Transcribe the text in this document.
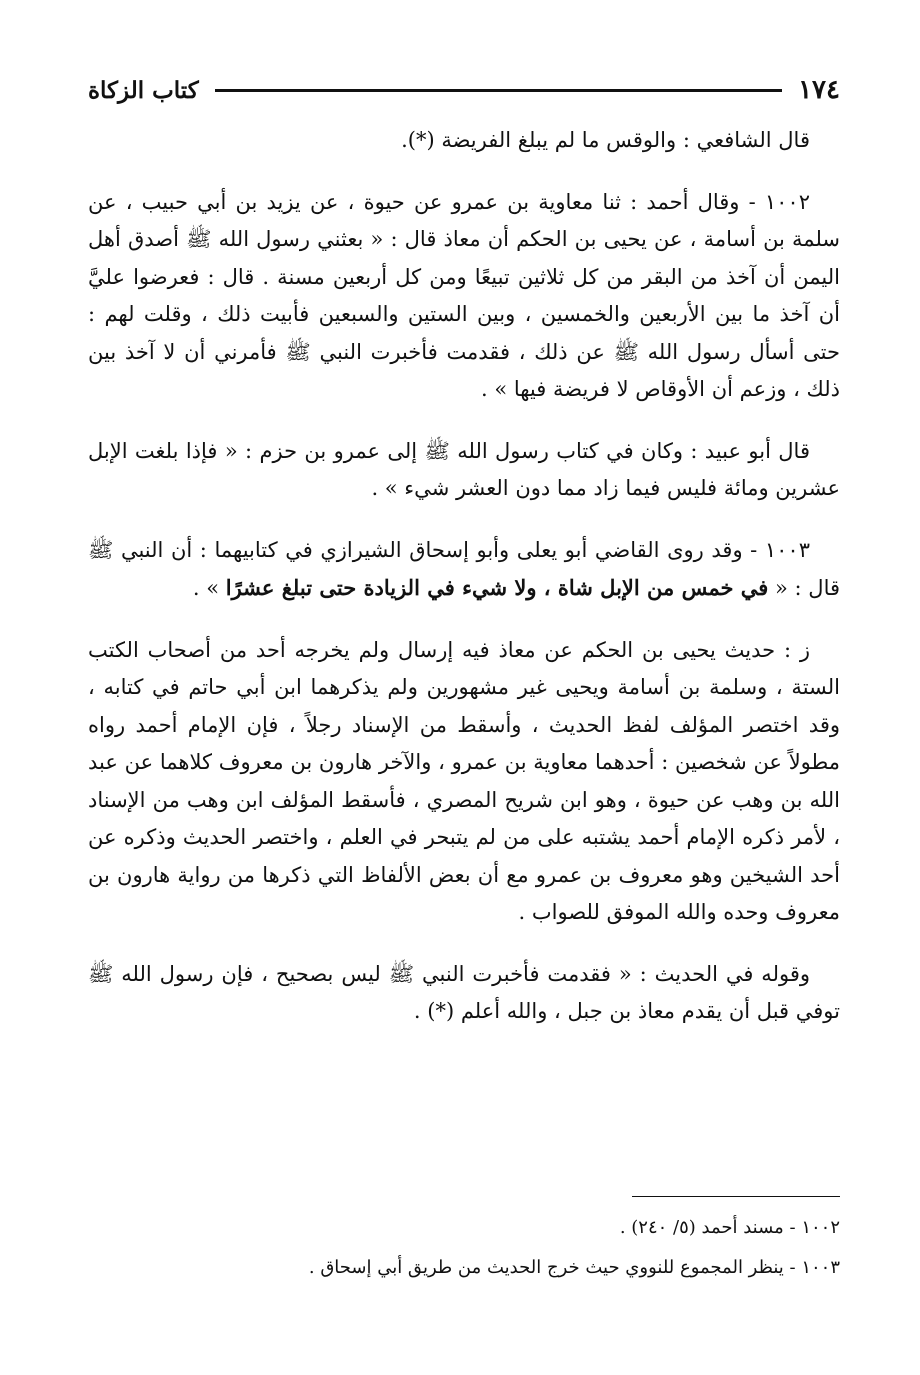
١٧٤
كتاب الزكاة

قال الشافعي : والوقس ما لم يبلغ الفريضة (*).

١٠٠٢ - وقال أحمد : ثنا معاوية بن عمرو عن حيوة ، عن يزيد بن أبي حبيب ، عن سلمة بن أسامة ، عن يحيى بن الحكم أن معاذ قال : « بعثني رسول الله ﷺ أصدق أهل اليمن أن آخذ من البقر من كل ثلاثين تبيعًا ومن كل أربعين مسنة . قال : فعرضوا عليَّ أن آخذ ما بين الأربعين والخمسين ، وبين الستين والسبعين فأبيت ذلك ، وقلت لهم : حتى أسأل رسول الله ﷺ عن ذلك ، فقدمت فأخبرت النبي ﷺ فأمرني أن لا آخذ بين ذلك ، وزعم أن الأوقاص لا فريضة فيها » .

قال أبو عبيد : وكان في كتاب رسول الله ﷺ إلى عمرو بن حزم : « فإذا بلغت الإبل عشرين ومائة فليس فيما زاد مما دون العشر شيء » .

١٠٠٣ - وقد روى القاضي أبو يعلى وأبو إسحاق الشيرازي في كتابيهما : أن النبي ﷺ قال : « في خمس من الإبل شاة ، ولا شيء في الزيادة حتى تبلغ عشرًا » .

ز : حديث يحيى بن الحكم عن معاذ فيه إرسال ولم يخرجه أحد من أصحاب الكتب الستة ، وسلمة بن أسامة ويحيى غير مشهورين ولم يذكرهما ابن أبي حاتم في كتابه ، وقد اختصر المؤلف لفظ الحديث ، وأسقط من الإسناد رجلاً ، فإن الإمام أحمد رواه مطولاً عن شخصين : أحدهما معاوية بن عمرو ، والآخر هارون بن معروف كلاهما عن عبد الله بن وهب عن حيوة ، وهو ابن شريح المصري ، فأسقط المؤلف ابن وهب من الإسناد ، لأمر ذكره الإمام أحمد يشتبه على من لم يتبحر في العلم ، واختصر الحديث وذكره عن أحد الشيخين وهو معروف بن عمرو مع أن بعض الألفاظ التي ذكرها من رواية هارون بن معروف وحده والله الموفق للصواب .

وقوله في الحديث : « فقدمت فأخبرت النبي ﷺ ليس بصحيح ، فإن رسول الله ﷺ توفي قبل أن يقدم معاذ بن جبل ، والله أعلم (*) .

١٠٠٢ - مسند أحمد (٥/ ٢٤٠) .

١٠٠٣ - ينظر المجموع للنووي حيث خرج الحديث من طريق أبي إسحاق .
